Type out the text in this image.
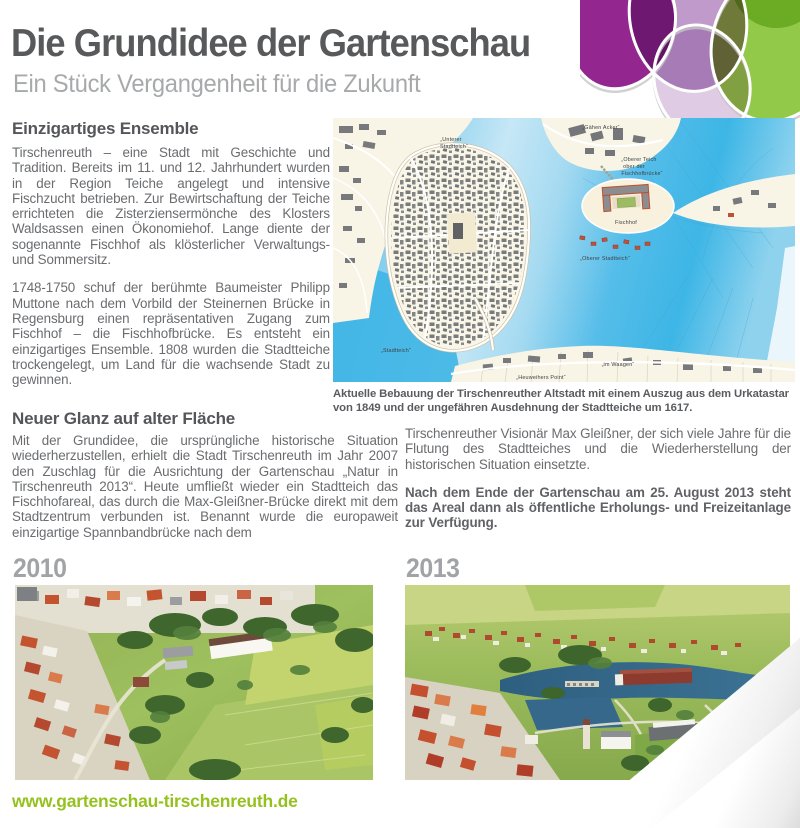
Die Grundidee der Gartenschau
Ein Stück Vergangenheit für die Zukunft
Einzigartiges Ensemble

Tirschenreuth – eine Stadt mit Geschichte und Tradition. Bereits im 11. und 12. Jahrhundert wurden in der Region Teiche angelegt und intensive Fischzucht betrieben. Zur Bewirtschaftung der Teiche errichteten die Zisterziensermönche des Klosters Waldsassen einen Ökonomiehof. Lange diente der sogenannte Fischhof als klösterlicher Verwaltungs- und Sommersitz.

1748-1750 schuf der berühmte Baumeister Philipp Muttone nach dem Vorbild der Steinernen Brücke in Regensburg einen repräsentativen Zugang zum Fischhof – die Fischhofbrücke. Es entsteht ein einzigartiges Ensemble. 1808 wurden die Stadtteiche trockengelegt, um Land für die wachsende Stadt zu gewinnen.

„Gähen Acker“
„Unterer
Stadtteich“
„Oberer Teich
ober der
Fischhofbrücke“
Fischhof
„Oberer Stadtteich“
„Stadtteich“
„im Waagen“
„Heuweihers Point“
Aktuelle Bebauung der Tirschenreuther Altstadt mit einem Auszug aus dem Urkatastar von 1849 und der ungefähren Ausdehnung der Stadtteiche um 1617.
Neuer Glanz auf alter Fläche

Mit der Grundidee, die ursprüngliche historische Situation wiederherzustellen, erhielt die Stadt Tirschenreuth im Jahr 2007 den Zuschlag für die Ausrichtung der Gartenschau „Natur in Tirschenreuth 2013“. Heute umfließt wieder ein Stadtteich das Fischhofareal, das durch die Max-Gleißner-Brücke direkt mit dem Stadtzentrum verbunden ist. Benannt wurde die europaweit einzigartige Spannbandbrücke nach dem

Tirschenreuther Visionär Max Gleißner, der sich viele Jahre für die Flutung des Stadtteiches und die Wiederherstellung der historischen Situation einsetzte.

Nach dem Ende der Gartenschau am 25. August 2013 steht das Areal dann als öffentliche Erholungs- und Freizeitanlage zur Verfügung.

2010	2013
www.gartenschau-tirschenreuth.de
